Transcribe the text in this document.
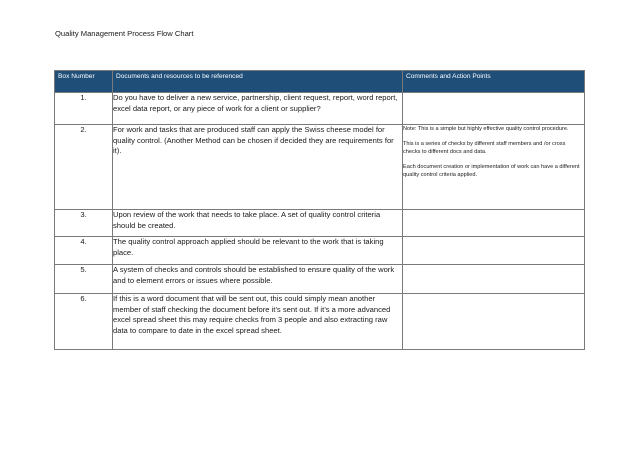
Quality Management Process Flow Chart
Box Number	Documents and resources to be referenced	Comments and Action Points
1.	Do you have to deliver a new service, partnership, client request, report, word report, excel data report, or any piece of work for a client or supplier?	
2.	For work and tasks that are produced staff can apply the Swiss cheese model for quality control. (Another Method can be chosen if decided they are requirements for it).	Note: This is a simple but highly effective quality control procedure.

This is a series of checks by different staff members and /or cross checks to different docs and data.

Each document creation or implementation of work can have a different quality control criteria applied.

3.	Upon review of the work that needs to take place. A set of quality control criteria should be created.	
4.	The quality control approach applied should be relevant to the work that is taking place.	
5.	A system of checks and controls should be established to ensure quality of the work and to element errors or issues where possible.	
6.	If this is a word document that will be sent out, this could simply mean another member of staff checking the document before it’s sent out. If it’s a more advanced excel spread sheet this may require checks from 3 people and also extracting raw data to compare to date in the excel spread sheet.	
